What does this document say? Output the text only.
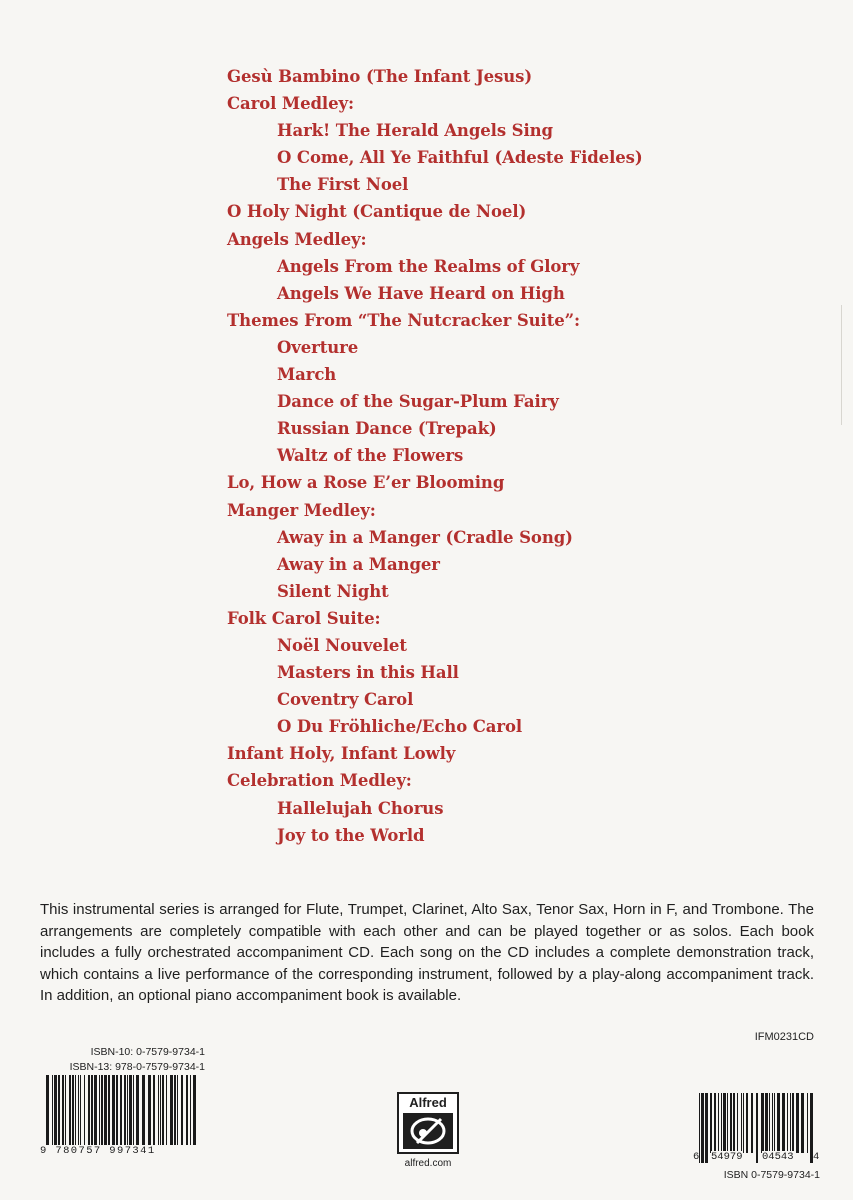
Gesù Bambino (The Infant Jesus)
Carol Medley:
Hark! The Herald Angels Sing
O Come, All Ye Faithful (Adeste Fideles)
The First Noel
O Holy Night (Cantique de Noel)
Angels Medley:
Angels From the Realms of Glory
Angels We Have Heard on High
Themes From “The Nutcracker Suite”:
Overture
March
Dance of the Sugar-Plum Fairy
Russian Dance (Trepak)
Waltz of the Flowers
Lo, How a Rose E’er Blooming
Manger Medley:
Away in a Manger (Cradle Song)
Away in a Manger
Silent Night
Folk Carol Suite:
Noël Nouvelet
Masters in this Hall
Coventry Carol
O Du Fröhliche/Echo Carol
Infant Holy, Infant Lowly
Celebration Medley:
Hallelujah Chorus
Joy to the World

This instrumental series is arranged for Flute, Trumpet, Clarinet, Alto Sax, Tenor Sax, Horn in F, and Trombone. The arrangements are completely compatible with each other and can be played together or as solos. Each book includes a fully orchestrated accompaniment CD. Each song on the CD includes a complete demonstration track, which contains a live performance of the corresponding instrument, followed by a play-along accompaniment track. In addition, an optional piano accompaniment book is available.

ISBN-10: 0-7579-9734-1
ISBN-13: 978-0-7579-9734-1
9 780757 997341
Alfred
alfred.com
IFM0231CD
6 54979 04543 4
ISBN 0-7579-9734-1
